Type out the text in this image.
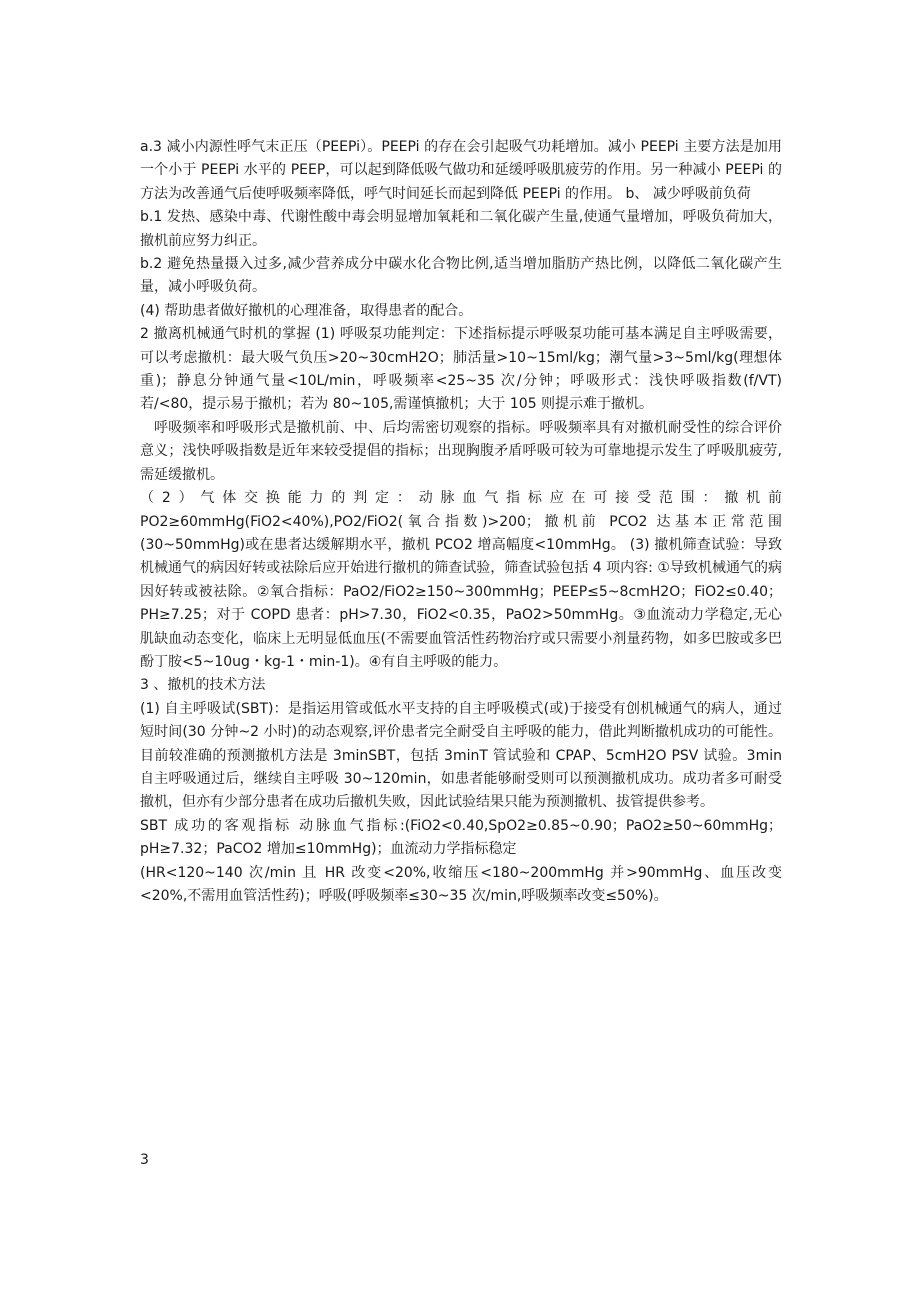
a.3 减小内源性呼气末正压（PEEPi）。PEEPi 的存在会引起吸气功耗增加。减小 PEEPi 主要方法是加用一个小于 PEEPi 水平的 PEEP，可以起到降低吸气做功和延缓呼吸肌疲劳的作用。另一种减小 PEEPi 的方法为改善通气后使呼吸频率降低，呼气时间延长而起到降低 PEEPi 的作用。 b、 减少呼吸前负荷

b.1 发热、感染中毒、代谢性酸中毒会明显增加氧耗和二氧化碳产生量,使通气量增加，呼吸负荷加大，撤机前应努力纠正。

b.2 避免热量摄入过多,减少营养成分中碳水化合物比例,适当增加脂肪产热比例，以降低二氧化碳产生量，减小呼吸负荷。

(4) 帮助患者做好撤机的心理准备，取得患者的配合。

2 撤离机械通气时机的掌握 (1) 呼吸泵功能判定：下述指标提示呼吸泵功能可基本满足自主呼吸需要，可以考虑撤机：最大吸气负压>20~30cmH2O；肺活量>10~15ml/kg；潮气量>3~5ml/kg(理想体重)；静息分钟通气量<10L/min，呼吸频率<25~35 次/分钟；呼吸形式：浅快呼吸指数(f/VT)若/<80，提示易于撤机；若为 80~105,需谨慎撤机；大于 105 则提示难于撤机。

呼吸频率和呼吸形式是撤机前、中、后均需密切观察的指标。呼吸频率具有对撤机耐受性的综合评价意义；浅快呼吸指数是近年来较受提倡的指标；出现胸腹矛盾呼吸可较为可靠地提示发生了呼吸肌疲劳,需延缓撤机。

（2）气体交换能力的判定：动脉血气指标应在可接受范围：撤机前 PO2≥60mmHg(FiO2<40%),PO2/FiO2(氧合指数)>200；撤机前 PCO2 达基本正常范围(30~50mmHg)或在患者达缓解期水平，撤机 PCO2 增高幅度<10mmHg。 (3) 撤机筛查试验：导致机械通气的病因好转或祛除后应开始进行撤机的筛查试验，筛查试验包括 4 项内容: ①导致机械通气的病因好转或被祛除。②氧合指标：PaO2/FiO2≥150~300mmHg；PEEP≤5~8cmH2O；FiO2≤0.40；PH≥7.25；对于 COPD 患者：pH>7.30，FiO2<0.35，PaO2>50mmHg。③血流动力学稳定,无心肌缺血动态变化，临床上无明显低血压(不需要血管活性药物治疗或只需要小剂量药物，如多巴胺或多巴酚丁胺<5~10ug・kg-1・min-1)。④有自主呼吸的能力。

3 、撤机的技术方法

(1) 自主呼吸试(SBT)：是指运用管或低水平支持的自主呼吸模式(或)于接受有创机械通气的病人，通过短时间(30 分钟~2 小时)的动态观察,评价患者完全耐受自主呼吸的能力，借此判断撤机成功的可能性。目前较准确的预测撤机方法是 3minSBT，包括 3minT 管试验和 CPAP、5cmH2O PSV 试验。3min 自主呼吸通过后，继续自主呼吸 30~120min，如患者能够耐受则可以预测撤机成功。成功者多可耐受撤机，但亦有少部分患者在成功后撤机失败，因此试验结果只能为预测撤机、拔管提供参考。

SBT 成功的客观指标 动脉血气指标:(FiO2<0.40,SpO2≥0.85~0.90；PaO2≥50~60mmHg；pH≥7.32；PaCO2 增加≤10mmHg)；血流动力学指标稳定

(HR<120~140 次/min 且 HR 改变<20%,收缩压<180~200mmHg 并>90mmHg、血压改变<20%,不需用血管活性药)；呼吸(呼吸频率≤30~35 次/min,呼吸频率改变≤50%)。

3
